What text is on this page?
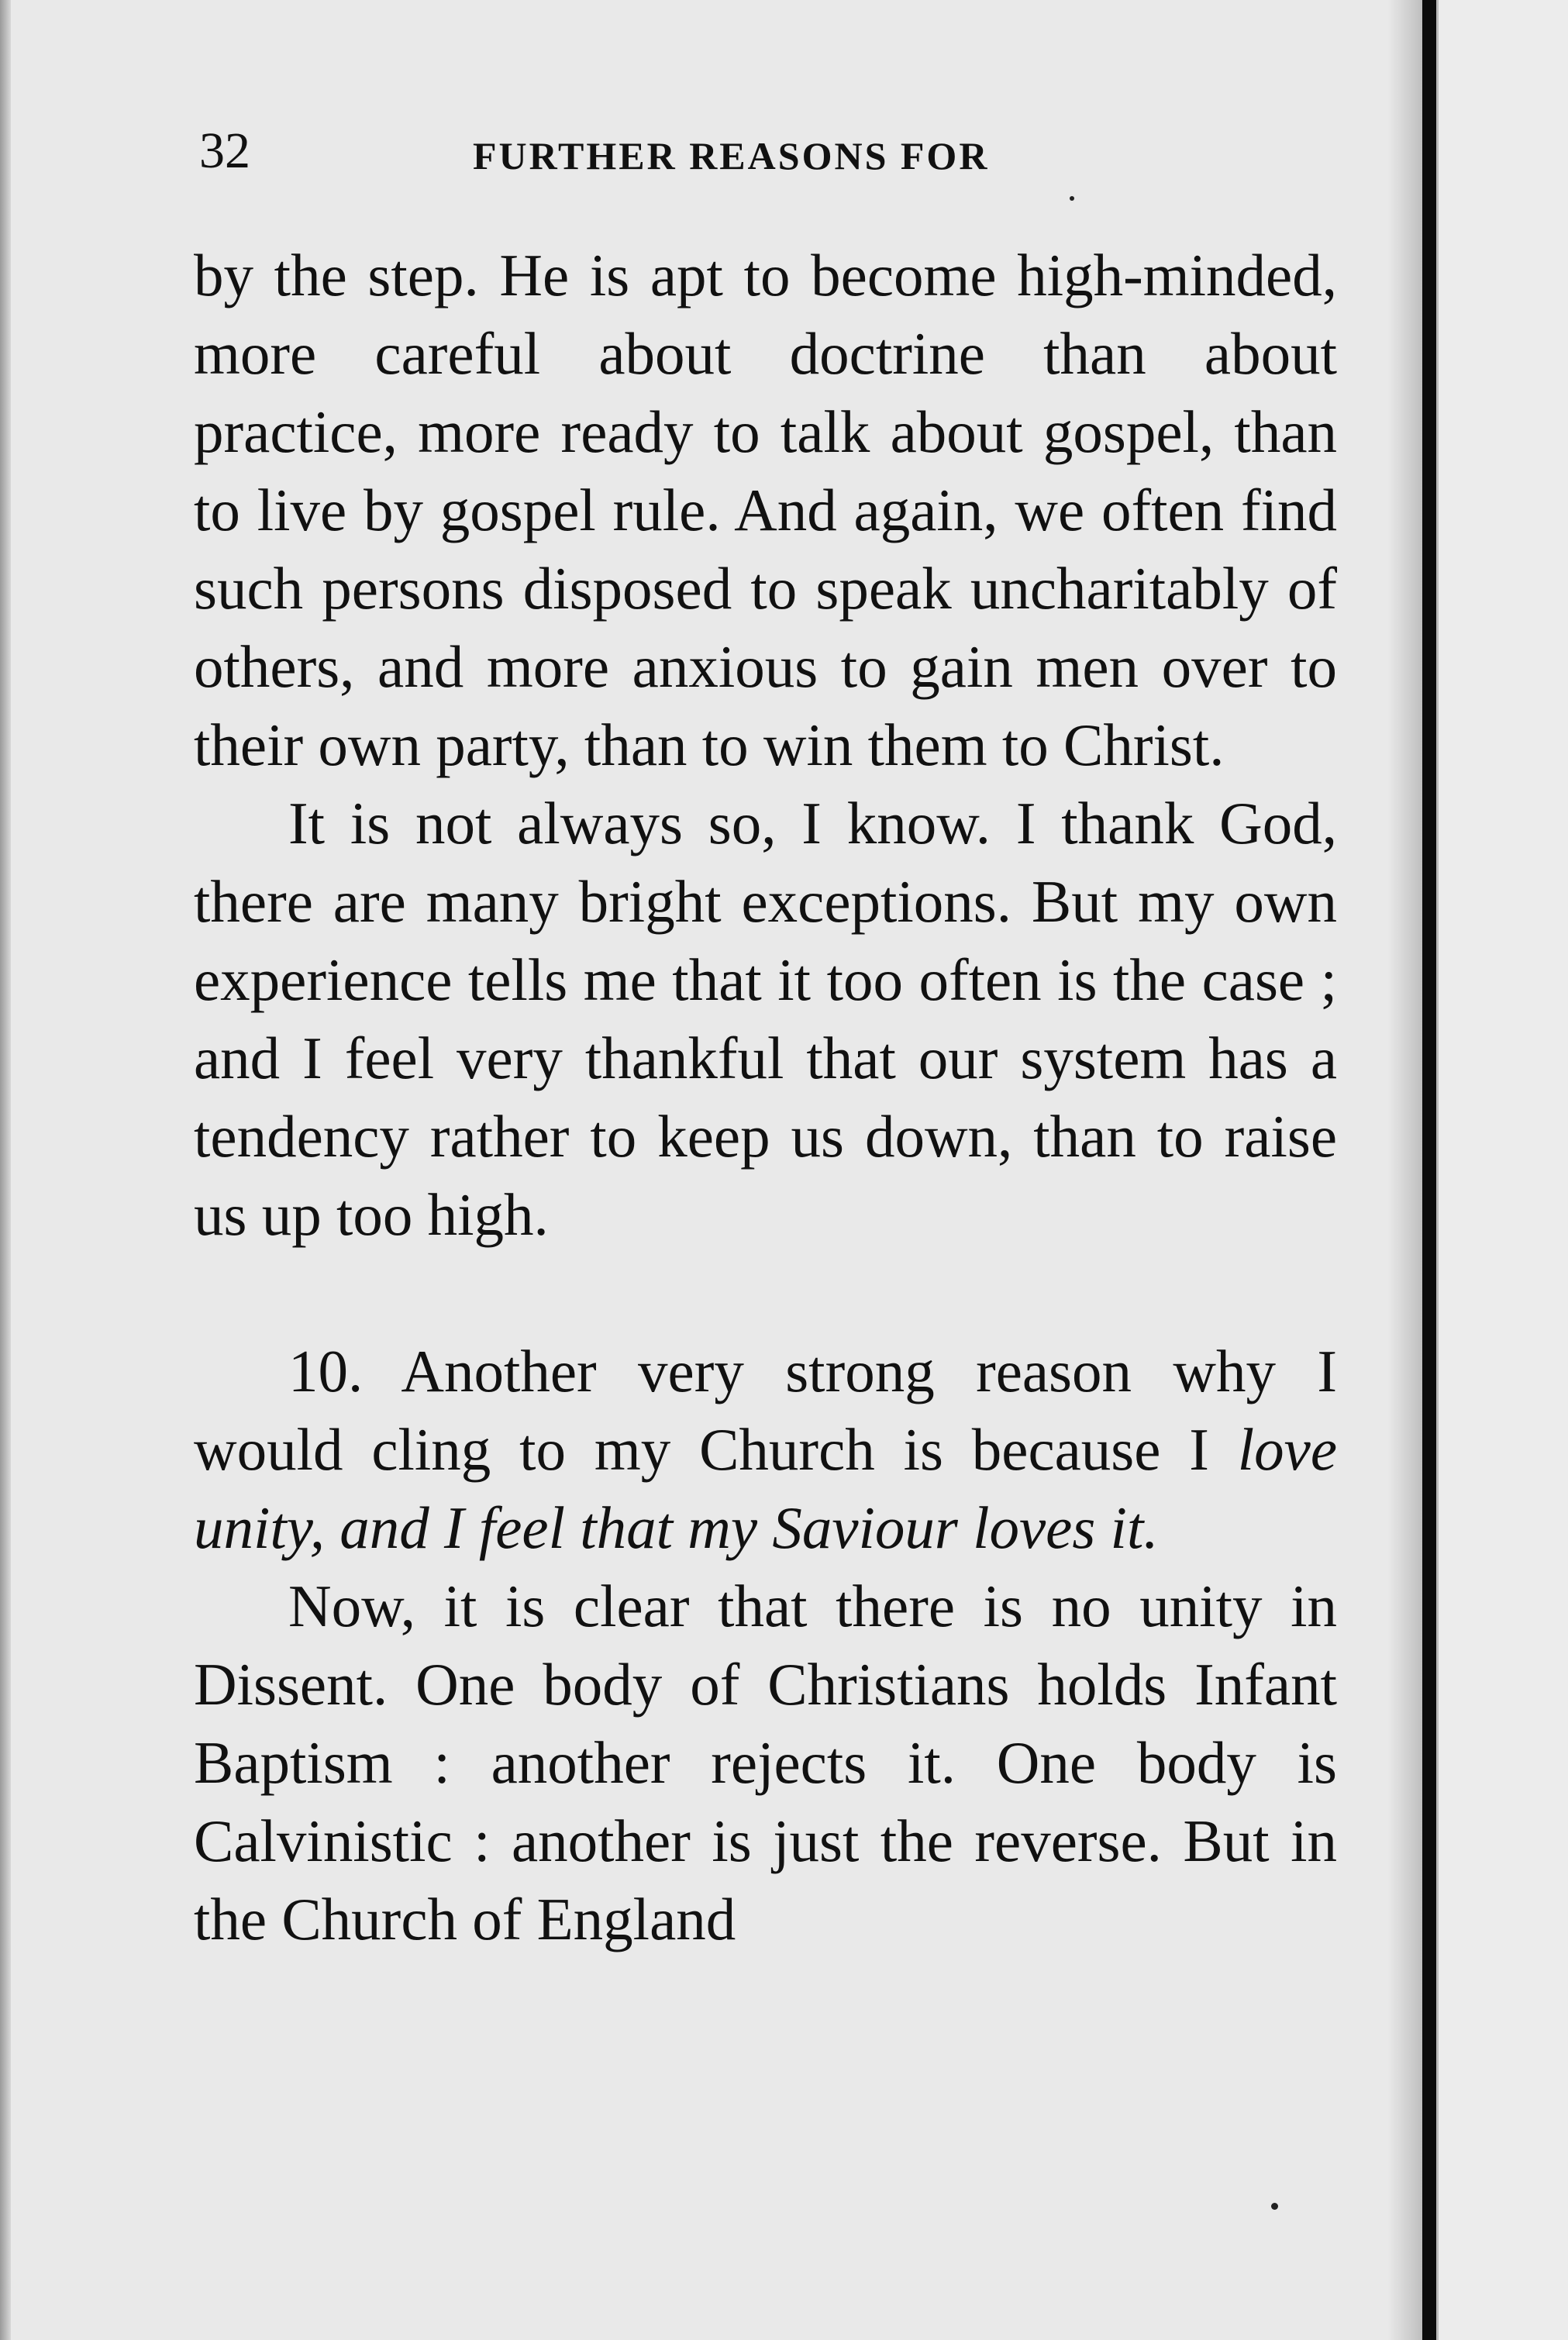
32	FURTHER REASONS FOR

by the step. He is apt to become high-minded, more careful about doctrine than about practice, more ready to talk about gospel, than to live by gospel rule. And again, we often find such persons disposed to speak uncharitably of others, and more anxious to gain men over to their own party, than to win them to Christ.

It is not always so, I know. I thank God, there are many bright exceptions. But my own experience tells me that it too often is the case ; and I feel very thankful that our system has a tendency rather to keep us down, than to raise us up too high.

10. Another very strong reason why I would cling to my Church is because I love unity, and I feel that my Saviour loves it.

Now, it is clear that there is no unity in Dissent. One body of Christians holds Infant Baptism : another rejects it. One body is Calvinistic : another is just the reverse. But in the Church of England
